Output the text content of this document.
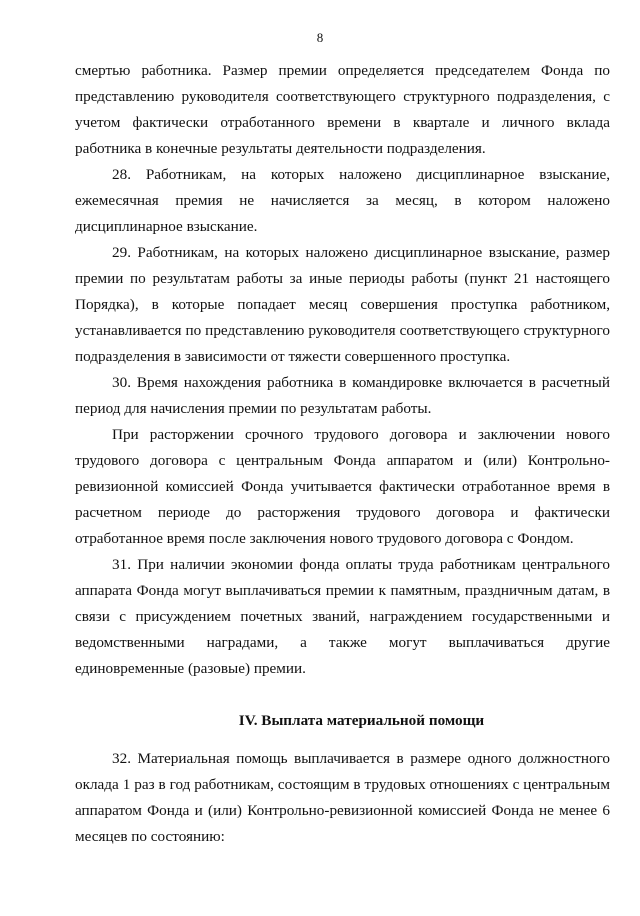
8

смертью работника. Размер премии определяется председателем Фонда по представлению руководителя соответствующего структурного подразделения, с учетом фактически отработанного времени в квартале и личного вклада работника в конечные результаты деятельности подразделения.

28. Работникам, на которых наложено дисциплинарное взыскание, ежемесячная премия не начисляется за месяц, в котором наложено дисциплинарное взыскание.

29. Работникам, на которых наложено дисциплинарное взыскание, размер премии по результатам работы за иные периоды работы (пункт 21 настоящего Порядка), в которые попадает месяц совершения проступка работником, устанавливается по представлению руководителя соответствующего структурного подразделения в зависимости от тяжести совершенного проступка.

30. Время нахождения работника в командировке включается в расчетный период для начисления премии по результатам работы.

При расторжении срочного трудового договора и заключении нового трудового договора с центральным Фонда аппаратом и (или) Контрольно-ревизионной комиссией Фонда учитывается фактически отработанное время в расчетном периоде до расторжения трудового договора и фактически отработанное время после заключения нового трудового договора с Фондом.

31. При наличии экономии фонда оплаты труда работникам центрального аппарата Фонда могут выплачиваться премии к памятным, праздничным датам, в связи с присуждением почетных званий, награждением государственными и ведомственными наградами, а также могут выплачиваться другие единовременные (разовые) премии.

IV. Выплата материальной помощи

32. Материальная помощь выплачивается в размере одного должностного оклада 1 раз в год работникам, состоящим в трудовых отношениях с центральным аппаратом Фонда и (или) Контрольно-ревизионной комиссией Фонда не менее 6 месяцев по состоянию:
